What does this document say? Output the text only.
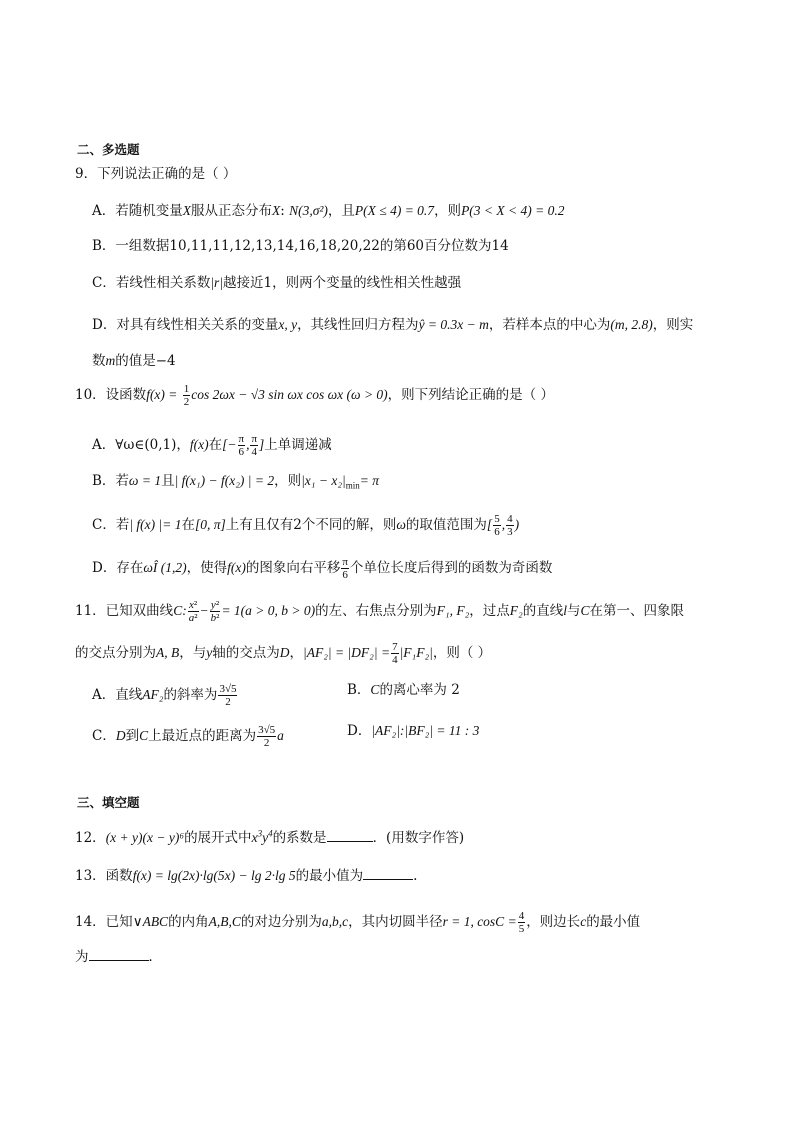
二、多选题
9．下列说法正确的是（ ）
A．若随机变量X服从正态分布X: N(3,σ²)，且P(X ≤ 4) = 0.7，则P(3 < X < 4) = 0.2
B．一组数据10,11,11,12,13,14,16,18,20,22的第60百分位数为14
C．若线性相关系数|r|越接近1，则两个变量的线性相关性越强
D．对具有线性相关关系的变量x, y，其线性回归方程为ŷ = 0.3x − m，若样本点的中心为(m, 2.8)，则实
数m的值是−4
10．设函数$f(x) = \frac{1}{2}$ cos 2ωx − √3 sin ωx cos ωx (ω > 0)，则下列结论正确的是（ ）
A．∀ω∈(0,1)，f(x)在[− $\frac{\pi}{6}$ , $\frac{\pi}{4}$ ]上单调递减
B．若ω = 1且| f(x₁) − f(x₂) | = 2，则$|x_1 - x_2|_{min}= \pi$
C．若| f(x) |= 1在[0, π]上有且仅有2个不同的解，则ω的取值范围为[ $\frac{5}{6}$ , $\frac{4}{3}$ )
D．存在ωÎ (1,2)，使得f(x)的图象向右平移 $\frac{\pi}{6}$ 个单位长度后得到的函数为奇函数
11．已知双曲线C: $\frac{\text{x²}}{\text{a²}} - \frac{\text{y²}}{\text{b²}} = 1(a > 0$, b > 0)的左、右焦点分别为F₁, F₂，过点F₂的直线l与C在第一、四象限
的交点分别为A, B，与y轴的交点为D，$|AF_2| = |DF_2| = \frac{7}{4} |F_1F_2|$，则（ ）
A．直线AF₂的斜率为 $\frac{3√5}{2}$	B．C的离心率为 2
C．D到C上最近点的距离为 $\frac{3√5}{2}$ a	D．|AF₂|:|BF₂| = 11 : 3
三、填空题
12．(x + y)(x − y)⁶的展开式中$x^3y^4$的系数是	．(用数字作答)
13．函数f(x) = lg(2x)·lg(5x) − lg 2·lg 5的最小值为	.
14．已知∨ABC的内角A,B,C的对边分别为a,b,c，其内切圆半径r = 1, $\cos C = \frac{4}{5}$ ，则边长c的最小值
为	．
